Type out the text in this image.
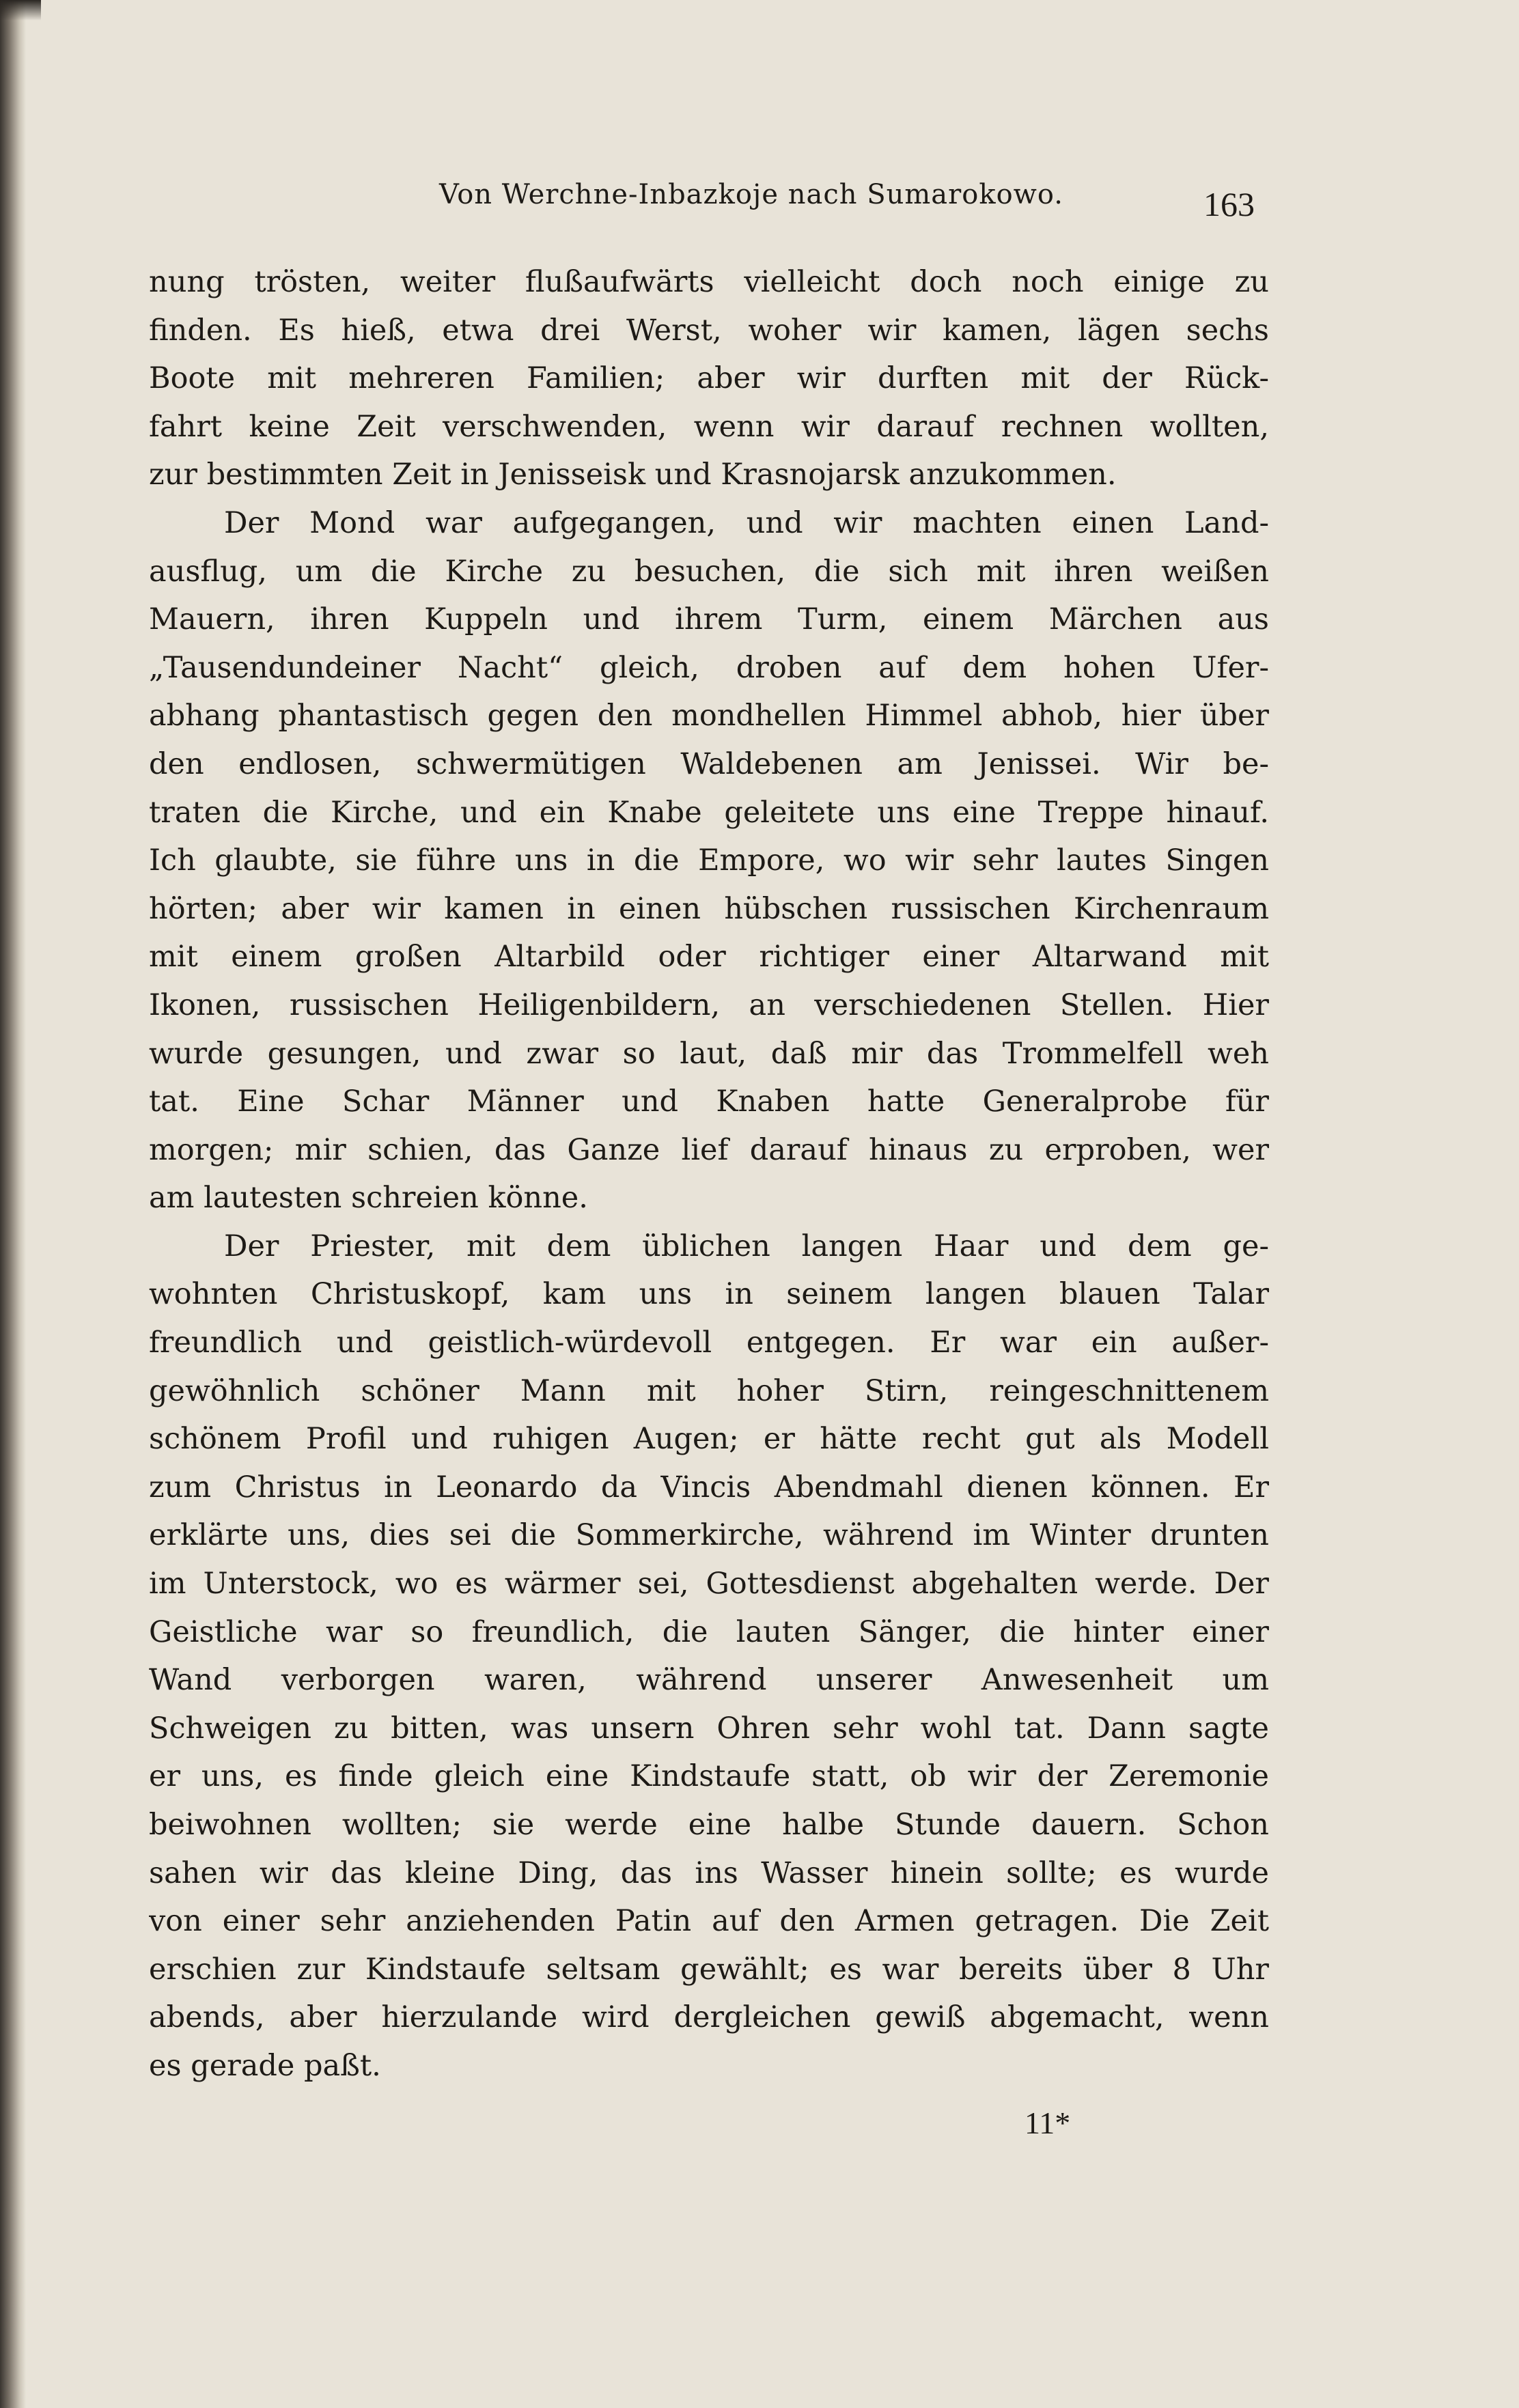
Von Werchne-Inbazkoje nach Sumarokowo.	163
nung trösten, weiter flußaufwärts vielleicht doch noch einige zu
finden. Es hieß, etwa drei Werst, woher wir kamen, lägen sechs
Boote mit mehreren Familien; aber wir durften mit der Rück-
fahrt keine Zeit verschwenden, wenn wir darauf rechnen wollten,
zur bestimmten Zeit in Jenisseisk und Krasnojarsk anzukommen.
Der Mond war aufgegangen, und wir machten einen Land-
ausflug, um die Kirche zu besuchen, die sich mit ihren weißen
Mauern, ihren Kuppeln und ihrem Turm, einem Märchen aus
„Tausendundeiner Nacht“ gleich, droben auf dem hohen Ufer-
abhang phantastisch gegen den mondhellen Himmel abhob, hier über
den endlosen, schwermütigen Waldebenen am Jenissei. Wir be-
traten die Kirche, und ein Knabe geleitete uns eine Treppe hinauf.
Ich glaubte, sie führe uns in die Empore, wo wir sehr lautes Singen
hörten; aber wir kamen in einen hübschen russischen Kirchenraum
mit einem großen Altarbild oder richtiger einer Altarwand mit
Ikonen, russischen Heiligenbildern, an verschiedenen Stellen. Hier
wurde gesungen, und zwar so laut, daß mir das Trommelfell weh
tat. Eine Schar Männer und Knaben hatte Generalprobe für
morgen; mir schien, das Ganze lief darauf hinaus zu erproben, wer
am lautesten schreien könne.
Der Priester, mit dem üblichen langen Haar und dem ge-
wohnten Christuskopf, kam uns in seinem langen blauen Talar
freundlich und geistlich-würdevoll entgegen. Er war ein außer-
gewöhnlich schöner Mann mit hoher Stirn, reingeschnittenem
schönem Profil und ruhigen Augen; er hätte recht gut als Modell
zum Christus in Leonardo da Vincis Abendmahl dienen können. Er
erklärte uns, dies sei die Sommerkirche, während im Winter drunten
im Unterstock, wo es wärmer sei, Gottesdienst abgehalten werde. Der
Geistliche war so freundlich, die lauten Sänger, die hinter einer
Wand verborgen waren, während unserer Anwesenheit um
Schweigen zu bitten, was unsern Ohren sehr wohl tat. Dann sagte
er uns, es finde gleich eine Kindstaufe statt, ob wir der Zeremonie
beiwohnen wollten; sie werde eine halbe Stunde dauern. Schon
sahen wir das kleine Ding, das ins Wasser hinein sollte; es wurde
von einer sehr anziehenden Patin auf den Armen getragen. Die Zeit
erschien zur Kindstaufe seltsam gewählt; es war bereits über 8 Uhr
abends, aber hierzulande wird dergleichen gewiß abgemacht, wenn
es gerade paßt.
11*
